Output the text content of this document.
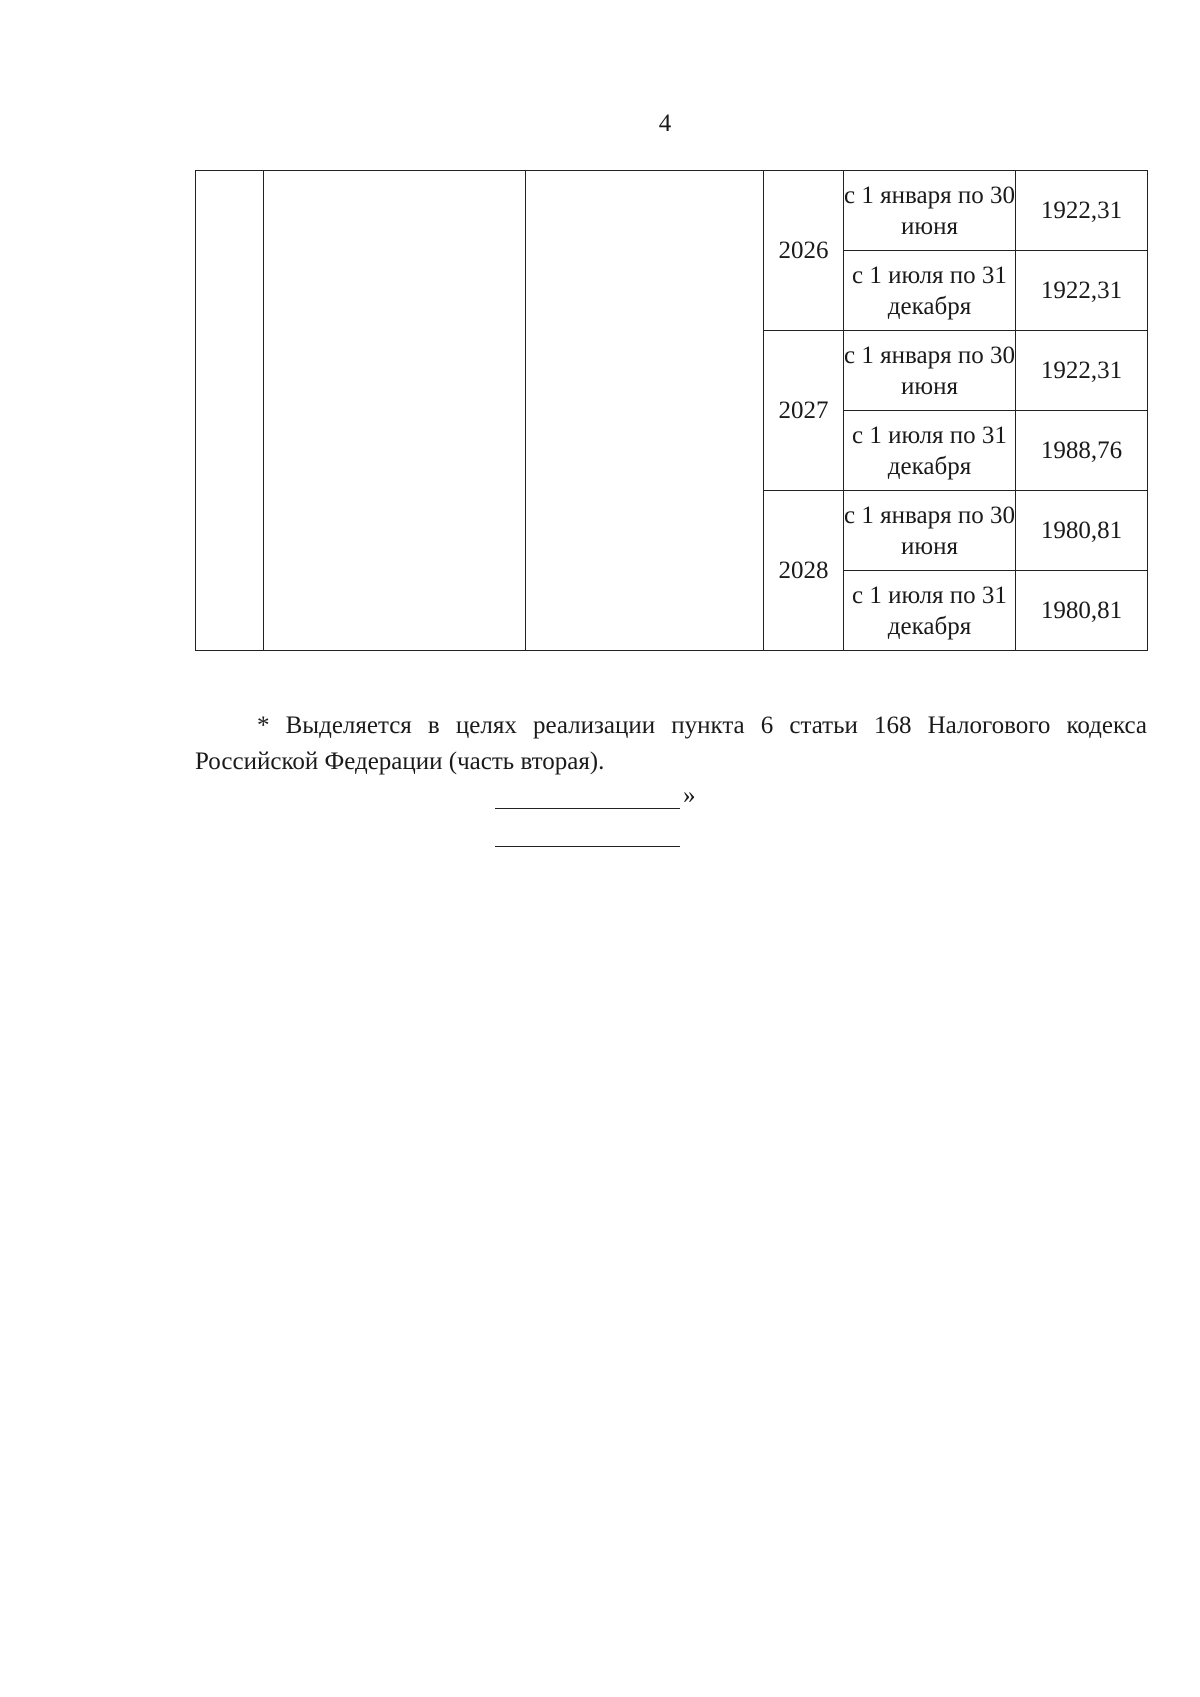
4
			2026	с 1 января по 30 июня	1922,31
				с 1 июля по 31 декабря	1922,31
			2027	с 1 января по 30 июня	1922,31
				с 1 июля по 31 декабря	1988,76
			2028	с 1 января по 30 июня	1980,81
				с 1 июля по 31 декабря	1980,81

* Выделяется в целях реализации пункта 6 статьи 168 Налогового кодекса Российской Федерации (часть вторая).

»
